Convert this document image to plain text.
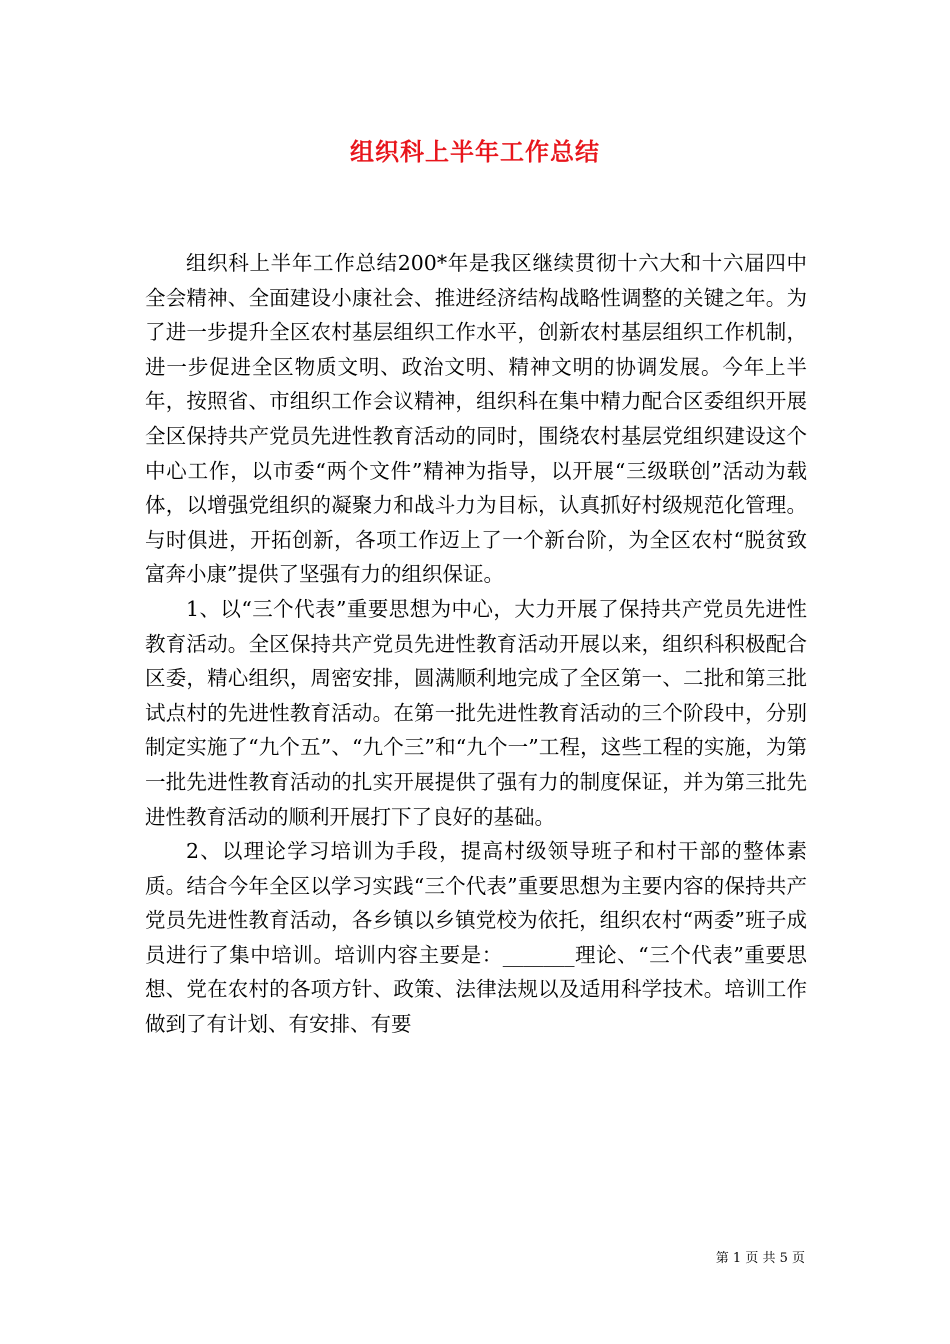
组织科上半年工作总结

组织科上半年工作总结200*年是我区继续贯彻十六大和十六届四中全会精神、全面建设小康社会、推进经济结构战略性调整的关键之年。为了进一步提升全区农村基层组织工作水平，创新农村基层组织工作机制，进一步促进全区物质文明、政治文明、精神文明的协调发展。今年上半年，按照省、市组织工作会议精神，组织科在集中精力配合区委组织开展全区保持共产党员先进性教育活动的同时，围绕农村基层党组织建设这个中心工作，以市委“两个文件”精神为指导，以开展“三级联创”活动为载体，以增强党组织的凝聚力和战斗力为目标，认真抓好村级规范化管理。与时俱进，开拓创新，各项工作迈上了一个新台阶，为全区农村“脱贫致富奔小康”提供了坚强有力的组织保证。

1、以“三个代表”重要思想为中心，大力开展了保持共产党员先进性教育活动。全区保持共产党员先进性教育活动开展以来，组织科积极配合区委，精心组织，周密安排，圆满顺利地完成了全区第一、二批和第三批试点村的先进性教育活动。在第一批先进性教育活动的三个阶段中，分别制定实施了“九个五”、“九个三”和“九个一”工程，这些工程的实施，为第一批先进性教育活动的扎实开展提供了强有力的制度保证，并为第三批先进性教育活动的顺利开展打下了良好的基础。

2、以理论学习培训为手段，提高村级领导班子和村干部的整体素质。结合今年全区以学习实践“三个代表”重要思想为主要内容的保持共产党员先进性教育活动，各乡镇以乡镇党校为依托，组织农村“两委”班子成员进行了集中培训。培训内容主要是：_______理论、“三个代表”重要思想、党在农村的各项方针、政策、法律法规以及适用科学技术。培训工作做到了有计划、有安排、有要

第 1 页 共 5 页
